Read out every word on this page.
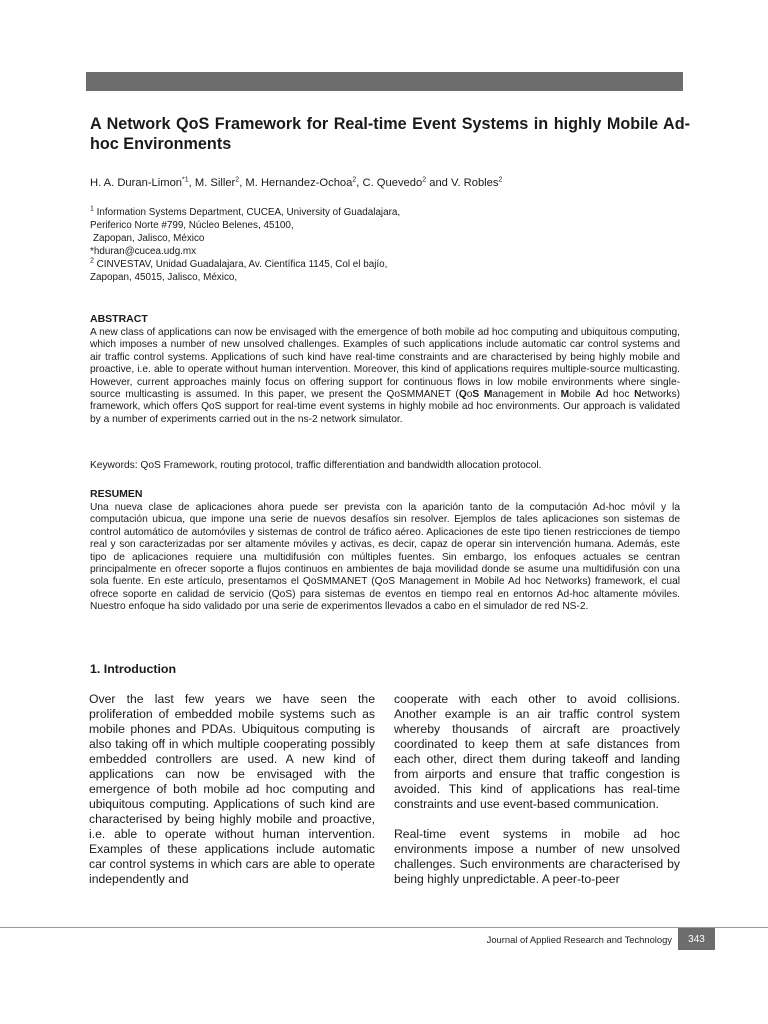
A Network QoS Framework for Real-time Event Systems in highly Mobile Ad-hoc Environments
H. A. Duran-Limon$^{*1}$, M. Siller$^2$, M. Hernandez-Ochoa$^2$, C. Quevedo$^2$ and V. Robles$^2$
$^1$ Information Systems Department, CUCEA, University of Guadalajara,
Periferico Norte #799, Núcleo Belenes, 45100,
Zapopan, Jalisco, México
*hduran@cucea.udg.mx
$^2$ CINVESTAV, Unidad Guadalajara, Av. Científica 1145, Col el bajío,
Zapopan, 45015, Jalisco, México,
ABSTRACT

A new class of applications can now be envisaged with the emergence of both mobile ad hoc computing and ubiquitous computing, which imposes a number of new unsolved challenges. Examples of such applications include automatic car control systems and air traffic control systems. Applications of such kind have real-time constraints and are characterised by being highly mobile and proactive, i.e. able to operate without human intervention. Moreover, this kind of applications requires multiple-source multicasting. However, current approaches mainly focus on offering support for continuous flows in low mobile environments where single-source multicasting is assumed. In this paper, we present the QoSMMANET (QoS Management in Mobile Ad hoc Networks) framework, which offers QoS support for real-time event systems in highly mobile ad hoc environments. Our approach is validated by a number of experiments carried out in the ns-2 network simulator.

Keywords: QoS Framework, routing protocol, traffic differentiation and bandwidth allocation protocol.

RESUMEN

Una nueva clase de aplicaciones ahora puede ser prevista con la aparición tanto de la computación Ad-hoc móvil y la computación ubicua, que impone una serie de nuevos desafíos sin resolver. Ejemplos de tales aplicaciones son sistemas de control automático de automóviles y sistemas de control de tráfico aéreo. Aplicaciones de este tipo tienen restricciones de tiempo real y son caracterizadas por ser altamente móviles y activas, es decir, capaz de operar sin intervención humana. Además, este tipo de aplicaciones requiere una multidifusión con múltiples fuentes. Sin embargo, los enfoques actuales se centran principalmente en ofrecer soporte a flujos continuos en ambientes de baja movilidad donde se asume una multidifusión con una sola fuente. En este artículo, presentamos el QoSMMANET (QoS Management in Mobile Ad hoc Networks) framework, el cual ofrece soporte en calidad de servicio (QoS) para sistemas de eventos en tiempo real en entornos Ad-hoc altamente móviles. Nuestro enfoque ha sido validado por una serie de experimentos llevados a cabo en el simulador de red NS-2.

1. Introduction

Over the last few years we have seen the proliferation of embedded mobile systems such as mobile phones and PDAs. Ubiquitous computing is also taking off in which multiple cooperating possibly embedded controllers are used. A new kind of applications can now be envisaged with the emergence of both mobile ad hoc computing and ubiquitous computing. Applications of such kind are characterised by being highly mobile and proactive, i.e. able to operate without human intervention. Examples of these applications include automatic car control systems in which cars are able to operate independently and

cooperate with each other to avoid collisions. Another example is an air traffic control system whereby thousands of aircraft are proactively coordinated to keep them at safe distances from each other, direct them during takeoff and landing from airports and ensure that traffic congestion is avoided. This kind of applications has real-time constraints and use event-based communication.

Real-time event systems in mobile ad hoc environments impose a number of new unsolved challenges. Such environments are characterised by being highly unpredictable. A peer-to-peer

Journal of Applied Research and Technology	343
